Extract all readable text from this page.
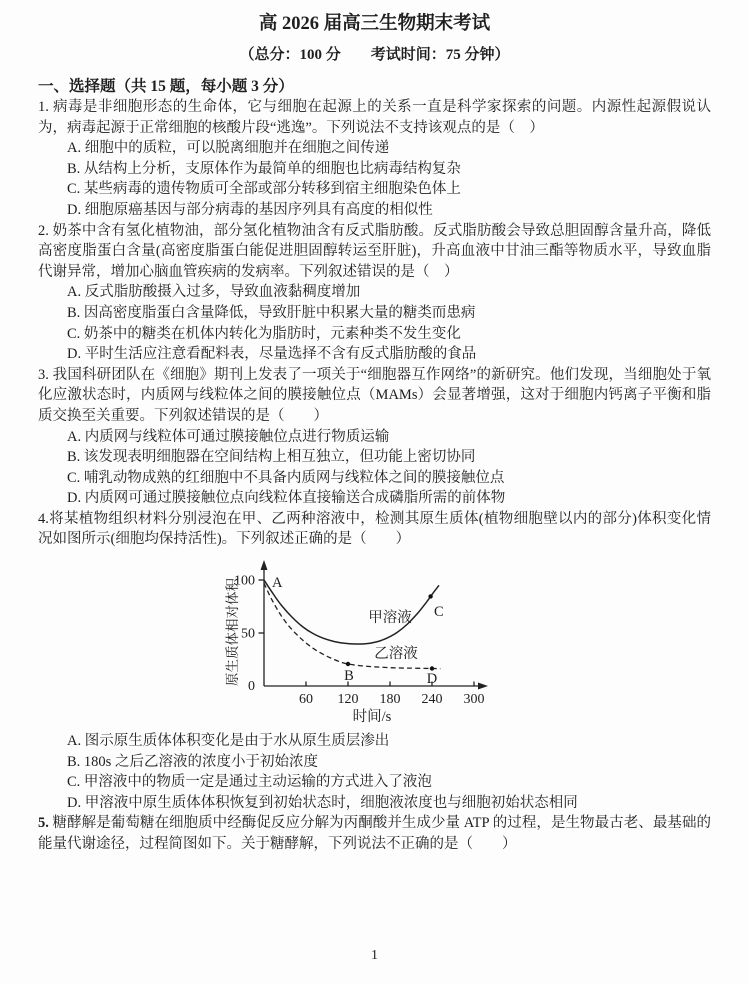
高 2026 届高三生物期末考试
（总分：100 分　　考试时间：75 分钟）
一、选择题（共 15 题，每小题 3 分）

1. 病毒是非细胞形态的生命体，它与细胞在起源上的关系一直是科学家探索的问题。内源性起源假说认为，病毒起源于正常细胞的核酸片段“逃逸”。下列说法不支持该观点的是（　）

A. 细胞中的质粒，可以脱离细胞并在细胞之间传递
B. 从结构上分析，支原体作为最简单的细胞也比病毒结构复杂
C. 某些病毒的遗传物质可全部或部分转移到宿主细胞染色体上
D. 细胞原癌基因与部分病毒的基因序列具有高度的相似性

2. 奶茶中含有氢化植物油，部分氢化植物油含有反式脂肪酸。反式脂肪酸会导致总胆固醇含量升高，降低高密度脂蛋白含量(高密度脂蛋白能促进胆固醇转运至肝脏)，升高血液中甘油三酯等物质水平，导致血脂代谢异常，增加心脑血管疾病的发病率。下列叙述错误的是（　）

A. 反式脂肪酸摄入过多，导致血液黏稠度增加
B. 因高密度脂蛋白含量降低，导致肝脏中积累大量的糖类而患病
C. 奶茶中的糖类在机体内转化为脂肪时，元素种类不发生变化
D. 平时生活应注意看配料表，尽量选择不含有反式脂肪酸的食品

3. 我国科研团队在《细胞》期刊上发表了一项关于“细胞器互作网络”的新研究。他们发现，当细胞处于氧化应激状态时，内质网与线粒体之间的膜接触位点（MAMs）会显著增强，这对于细胞内钙离子平衡和脂质交换至关重要。下列叙述错误的是（　　）

A. 内质网与线粒体可通过膜接触位点进行物质运输
B. 该发现表明细胞器在空间结构上相互独立，但功能上密切协同
C. 哺乳动物成熟的红细胞中不具备内质网与线粒体之间的膜接触位点
D. 内质网可通过膜接触位点向线粒体直接输送合成磷脂所需的前体物

4.将某植物组织材料分别浸泡在甲、乙两种溶液中，检测其原生质体(植物细胞壁以内的部分)体积变化情况如图所示(细胞均保持活性)。下列叙述正确的是（　　）

100
50
0
60 120 180 240 300
原生质体相对体积
时间/s
A
B
C
D
甲溶液
乙溶液
A. 图示原生质体体积变化是由于水从原生质层渗出
B. 180s 之后乙溶液的浓度小于初始浓度
C. 甲溶液中的物质一定是通过主动运输的方式进入了液泡
D. 甲溶液中原生质体体积恢复到初始状态时，细胞液浓度也与细胞初始状态相同

5. 糖酵解是葡萄糖在细胞质中经酶促反应分解为丙酮酸并生成少量 ATP 的过程，是生物最古老、最基础的能量代谢途径，过程简图如下。关于糖酵解，下列说法不正确的是（　　）

1
